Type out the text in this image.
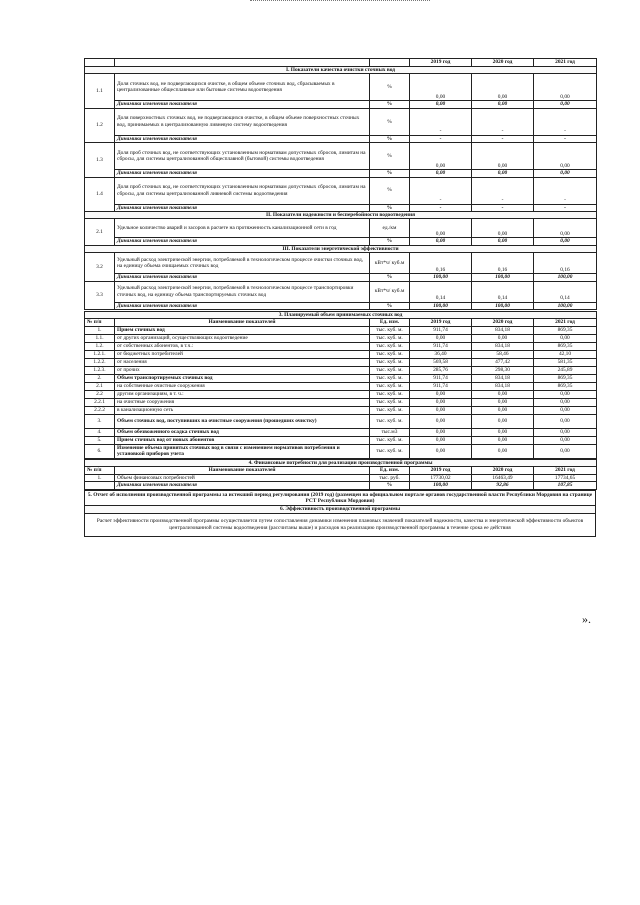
			2019 год	2020 год	2021 год
I. Показатели качества очистки сточных вод					
1.1	Доля сточных вод, не подвергающихся очистке, в общем объеме сточных вод, сбрасываемых в централизованные общесплавные или бытовые системы водоотведения	%	0,00	0,00	0,00
	Динамика изменения показателя	%	0,00	0,00	0,00
1.2	Доля поверхностных сточных вод, не подвергающихся очистке, в общем объеме поверхностных сточных вод, принимаемых в централизованную ливневую систему водоотведения	%	-	-	-
	Динамика изменения показателя	%	-	-	-
1.3	Доля проб сточных вод, не соответствующих установленным нормативам допустимых сбросов, лимитам на сбросы, для системы централизованной общесплавной (бытовой) системы водоотведения	%	0,00	0,00	0,00
	Динамика изменения показателя	%	0,00	0,00	0,00
1.4	Доля проб сточных вод, не соответствующих установленным нормативам допустимых сбросов, лимитам на сбросы, для системы централизованной ливневой системы водоотведения	%	-	-	-
	Динамика изменения показателя	%	-	-	-
II. Показатели надежности и бесперебойности водоотведения					
2.1	Удельное количество аварий и засоров в расчете на протяженность канализационной сети в год	ед./км	0,00	0,00	0,00
	Динамика изменения показателя	%	0,00	0,00	0,00
III. Показатели энергетической эффективности					
3.2	Удельный расход электрической энергии, потребляемой в технологическом процессе очистки сточных вод, на единицу объема очищаемых сточных вод	кВт*ч/ куб.м	0,16	0,16	0,16
	Динамика изменения показателя	%	100,00	100,00	100,00
3.3	Удельный расход электрической энергии, потребляемой в технологическом процессе транспортировки сточных вод, на единицу объема транспортируемых сточных вод	кВт*ч/ куб.м	0,14	0,14	0,14
	Динамика изменения показателя	%	100,00	100,00	100,00
3. Планируемый объем принимаемых сточных вод					
№ п/п	Наименование показателей	Ед. изм.	2019 год	2020 год	2021 год
1.	Прием сточных вод	тыс. куб. м.	911,74	834,18	869,35
1.1.	от других организаций, осуществляющих водоотведение	тыс. куб. м.	0,00	0,00	0,00
1.2.	от собственных абонентов, в т.ч.:	тыс. куб. м.	911,74	834,18	869,35
1.2.1.	от бюджетных потребителей	тыс. куб. м.	36,40	58,46	42,10
1.2.2.	от населения	тыс. куб. м.	569,58	477,42	581,35
1.2.3.	от прочих	тыс. куб. м.	285,76	298,30	245,89
2.	Объем транспортируемых сточных вод	тыс. куб. м.	911,74	834,18	869,35
2.1	на собственные очистные сооружения	тыс. куб. м.	911,74	834,18	869,35
2.2	другим организациям, в т. ч.:	тыс. куб. м.	0,00	0,00	0,00
2.2.1	на очистные сооружения	тыс. куб. м.	0,00	0,00	0,00
2.2.2	в канализационную сеть	тыс. куб. м.	0,00	0,00	0,00
3.	Объем сточных вод, поступивших на очистные сооружения (прошедших очистку)	тыс. куб. м.	0,00	0,00	0,00
4.	Объем обезвоженного осадка сточных вод	тыс.м3	0,00	0,00	0,00
5.	Прием сточных вод от новых абонентов	тыс. куб. м.	0,00	0,00	0,00
6.	Изменение объема принятых сточных вод в связи с изменением нормативов потребления и установкой приборов учета	тыс. куб. м.	0,00	0,00	0,00
4. Финансовые потребности для реализации производственной программы					
№ п/п	Наименование показателей	Ед. изм.	2019 год	2020 год	2021 год
1.	Объем финансовых потребностей	тыс. руб.	17730,02	16463,49	17734,65
	Динамика изменения показателя	%	100,00	92,86	107,85
5. Отчет об исполнении производственной программы за истекший период регулирования (2019 год) (размещен на официальном портале органов государственной власти Республики Мордовия на странице РСТ Республики Мордовия)
6. Эффективность производственной программы
Расчет эффективности производственной программы осуществляется путем сопоставления динамики изменения плановых значений показателей надежности, качества и энергетической эффективности объектов централизованной системы водоотведения (рассчитаны выше) и расходов на реализацию производственной программы в течение срока ее действия
».
